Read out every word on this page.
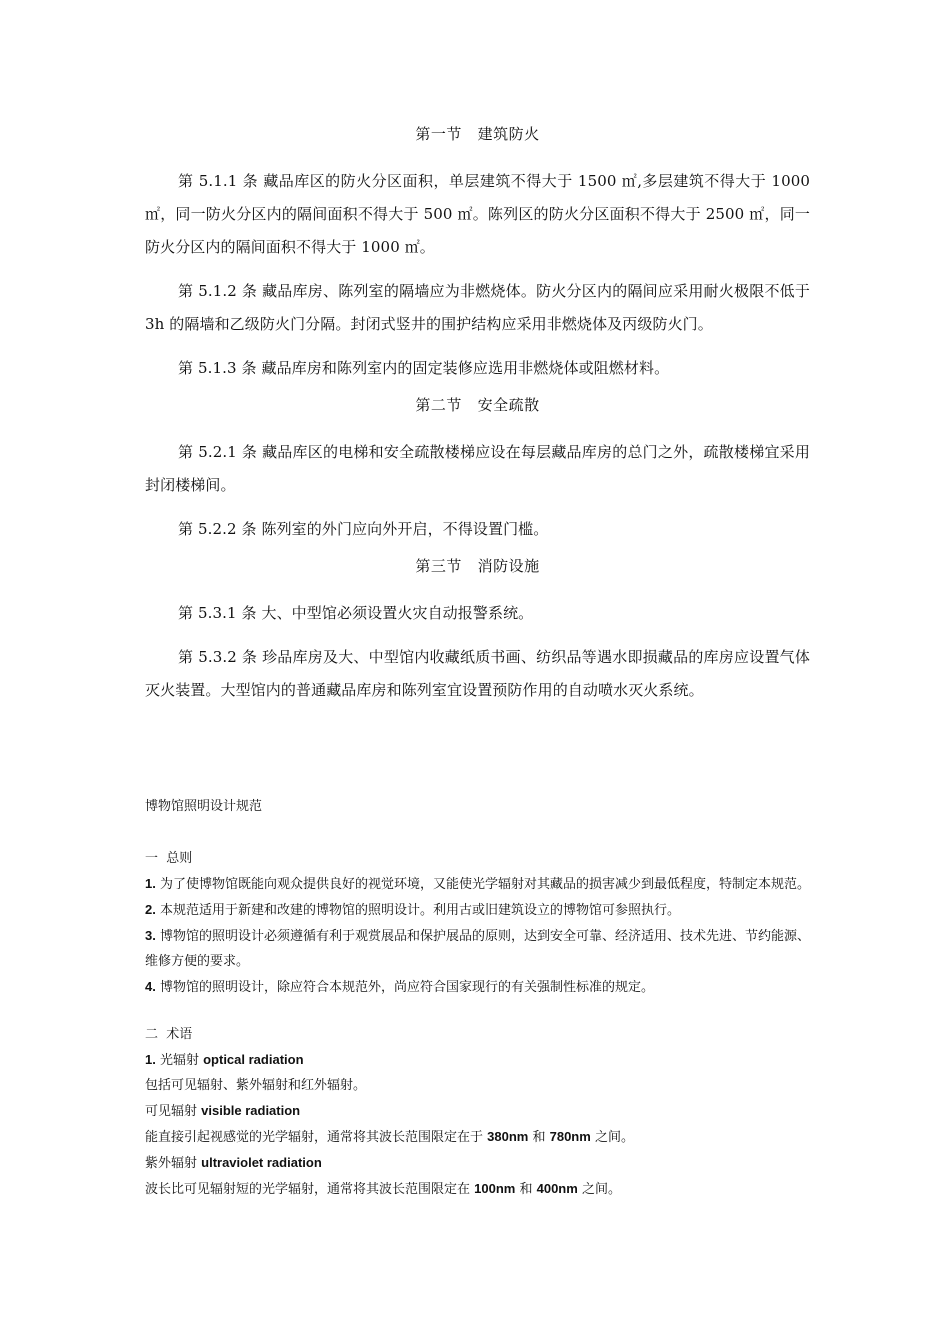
第一节   建筑防火

第 5.1.1 条 藏品库区的防火分区面积，单层建筑不得大于 1500 ㎡,多层建筑不得大于 1000 ㎡，同一防火分区内的隔间面积不得大于 500 ㎡。陈列区的防火分区面积不得大于 2500 ㎡，同一防火分区内的隔间面积不得大于 1000 ㎡。

第 5.1.2 条 藏品库房、陈列室的隔墙应为非燃烧体。防火分区内的隔间应采用耐火极限不低于 3h 的隔墙和乙级防火门分隔。封闭式竖井的围护结构应采用非燃烧体及丙级防火门。

第 5.1.3 条 藏品库房和陈列室内的固定装修应选用非燃烧体或阻燃材料。

第二节   安全疏散

第 5.2.1 条 藏品库区的电梯和安全疏散楼梯应设在每层藏品库房的总门之外，疏散楼梯宜采用封闭楼梯间。

第 5.2.2 条 陈列室的外门应向外开启，不得设置门槛。

第三节   消防设施

第 5.3.1 条 大、中型馆必须设置火灾自动报警系统。

第 5.3.2 条 珍品库房及大、中型馆内收藏纸质书画、纺织品等遇水即损藏品的库房应设置气体灭火装置。大型馆内的普通藏品库房和陈列室宜设置预防作用的自动喷水灭火系统。

博物馆照明设计规范

一  总则

1. 为了使博物馆既能向观众提供良好的视觉环境，又能使光学辐射对其藏品的损害减少到最低程度，特制定本规范。

2. 本规范适用于新建和改建的博物馆的照明设计。利用古或旧建筑设立的博物馆可参照执行。

3. 博物馆的照明设计必须遵循有利于观赏展品和保护展品的原则，达到安全可靠、经济适用、技术先进、节约能源、维修方便的要求。

4. 博物馆的照明设计，除应符合本规范外，尚应符合国家现行的有关强制性标准的规定。

二  术语

1. 光辐射 optical radiation

包括可见辐射、紫外辐射和红外辐射。

可见辐射 visible radiation

能直接引起视感觉的光学辐射，通常将其波长范围限定在于 380nm 和 780nm 之间。

紫外辐射 ultraviolet radiation

波长比可见辐射短的光学辐射，通常将其波长范围限定在 100nm 和 400nm 之间。
